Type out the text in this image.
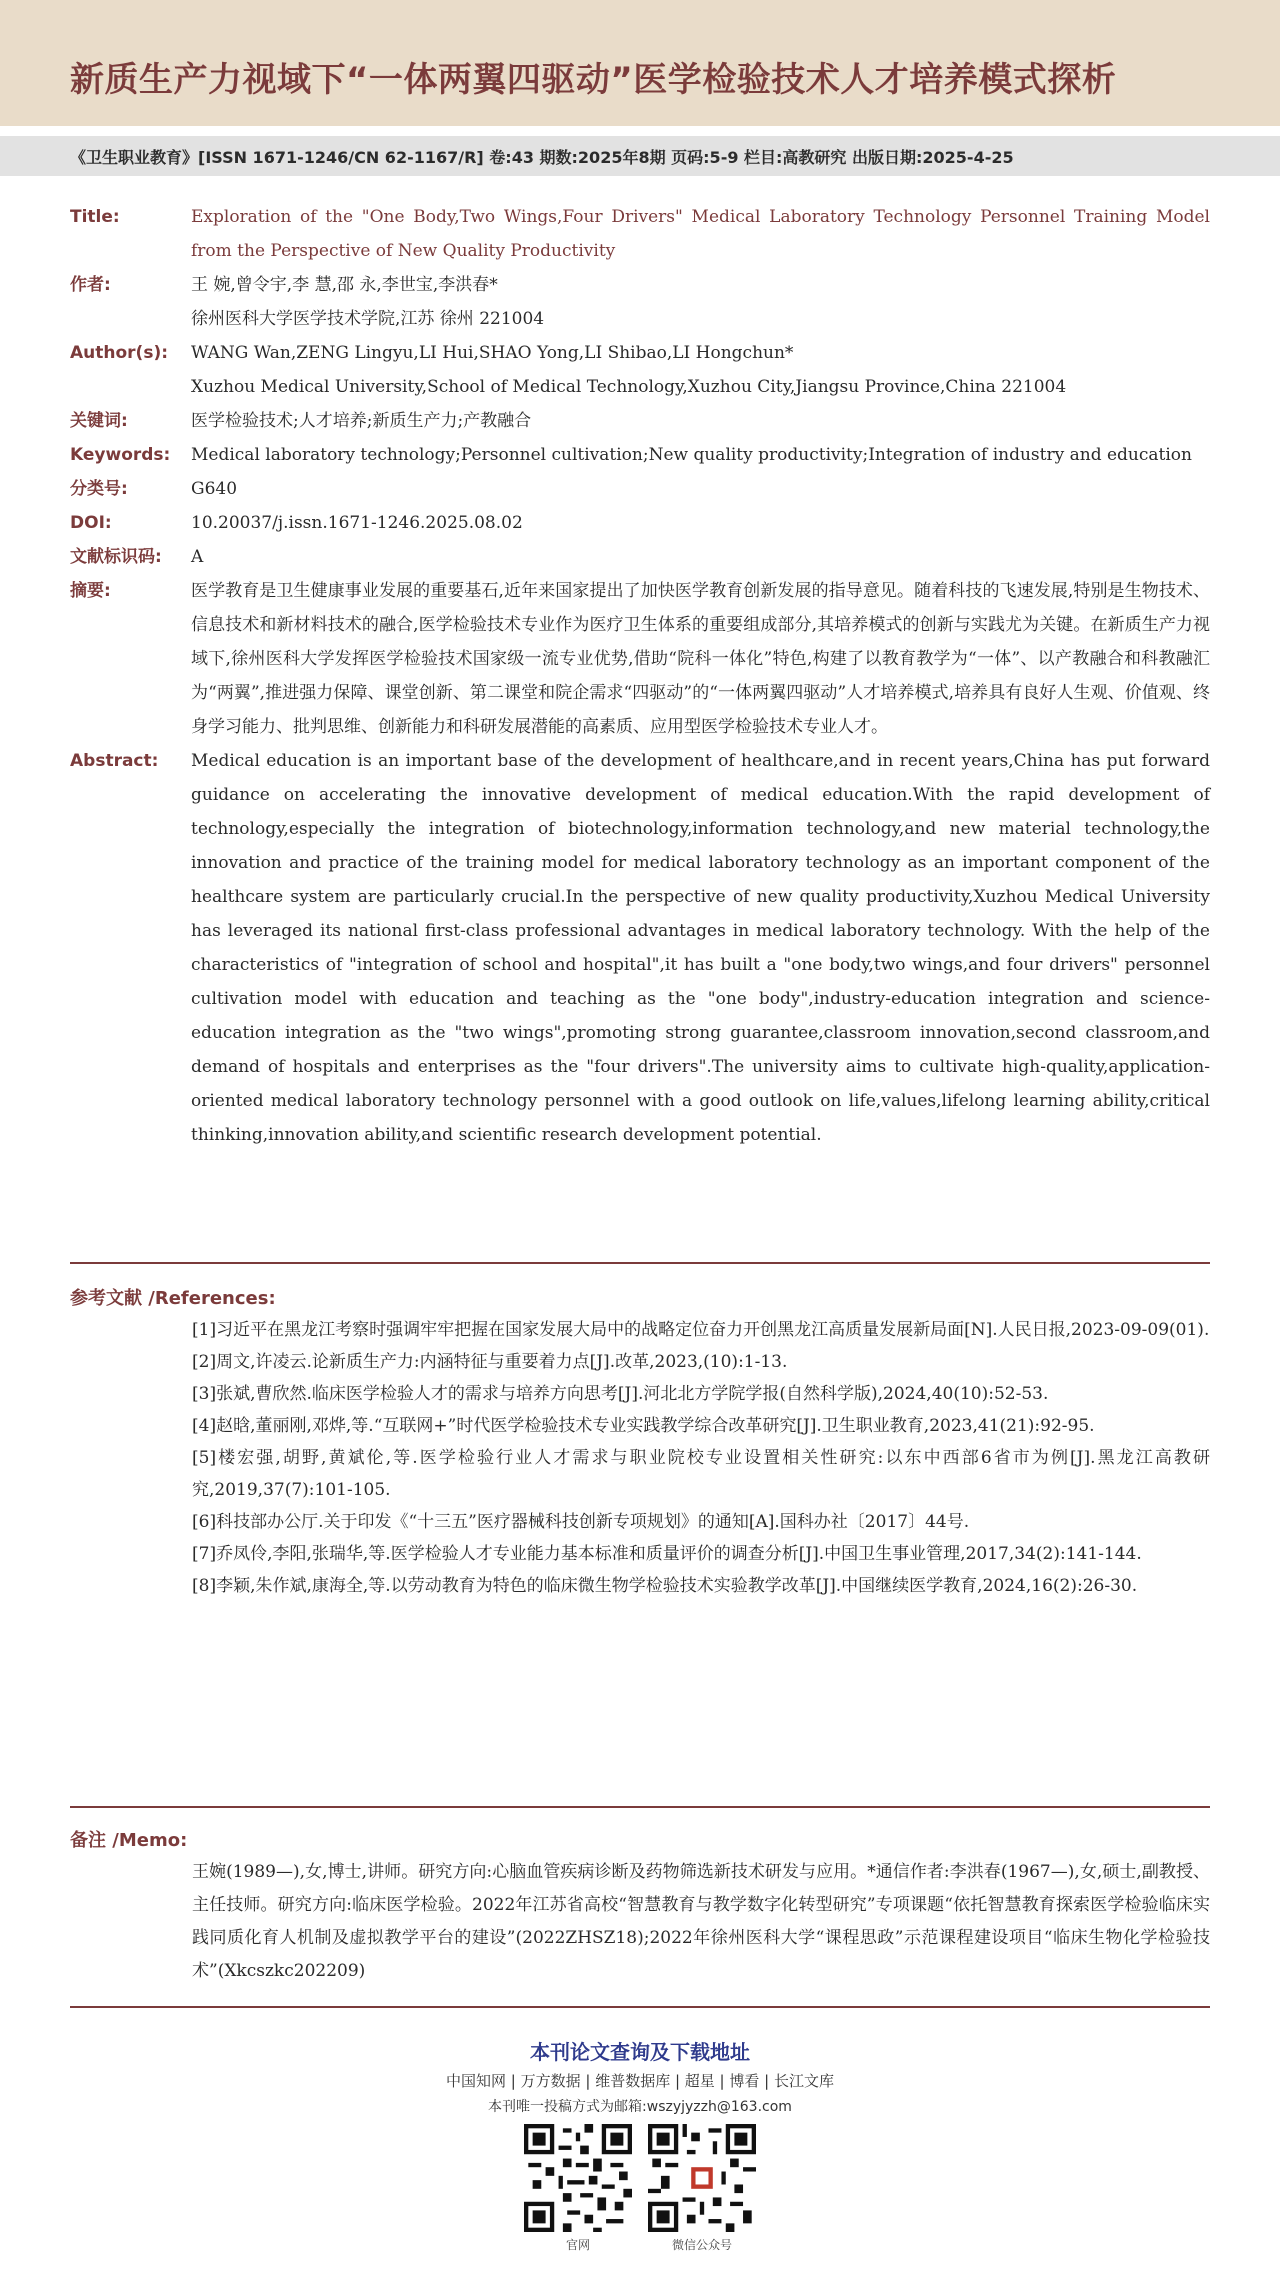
新质生产力视域下“一体两翼四驱动”医学检验技术人才培养模式探析
《卫生职业教育》[ISSN 1671-1246/CN 62-1167/R] 卷:43 期数:2025年8期 页码:5-9 栏目:高教研究 出版日期:2025-4-25
Title:	Exploration of the "One Body,Two Wings,Four Drivers" Medical Laboratory Technology Personnel Training Model from the Perspective of New Quality Productivity
作者:	王 婉,曾令宇,李 慧,邵 永,李世宝,李洪春*

徐州医科大学医学技术学院,江苏 徐州 221004

Author(s):	WANG Wan,ZENG Lingyu,LI Hui,SHAO Yong,LI Shibao,LI Hongchun*

Xuzhou Medical University,School of Medical Technology,Xuzhou City,Jiangsu Province,China 221004

关键词:	医学检验技术;人才培养;新质生产力;产教融合
Keywords:	Medical laboratory technology;Personnel cultivation;New quality productivity;Integration of industry and education
分类号:	G640
DOI:	10.20037/j.issn.1671-1246.2025.08.02
文献标识码:	A
摘要:	医学教育是卫生健康事业发展的重要基石,近年来国家提出了加快医学教育创新发展的指导意见。随着科技的飞速发展,特别是生物技术、信息技术和新材料技术的融合,医学检验技术专业作为医疗卫生体系的重要组成部分,其培养模式的创新与实践尤为关键。在新质生产力视域下,徐州医科大学发挥医学检验技术国家级一流专业优势,借助“院科一体化”特色,构建了以教育教学为“一体”、以产教融合和科教融汇为“两翼”,推进强力保障、课堂创新、第二课堂和院企需求“四驱动”的“一体两翼四驱动”人才培养模式,培养具有良好人生观、价值观、终身学习能力、批判思维、创新能力和科研发展潜能的高素质、应用型医学检验技术专业人才。
Abstract:	Medical education is an important base of the development of healthcare,and in recent years,China has put forward guidance on accelerating the innovative development of medical education.With the rapid development of technology,especially the integration of biotechnology,information technology,and new material technology,the innovation and practice of the training model for medical laboratory technology as an important component of the healthcare system are particularly crucial.In the perspective of new quality productivity,Xuzhou Medical University has leveraged its national first-class professional advantages in medical laboratory technology. With the help of the characteristics of "integration of school and hospital",it has built a "one body,two wings,and four drivers" personnel cultivation model with education and teaching as the "one body",industry-education integration and science-education integration as the "two wings",promoting strong guarantee,classroom innovation,second classroom,and demand of hospitals and enterprises as the "four drivers".The university aims to cultivate high-quality,application-oriented medical laboratory technology personnel with a good outlook on life,values,lifelong learning ability,critical thinking,innovation ability,and scientific research development potential.
参考文献 /References:

[1]习近平在黑龙江考察时强调牢牢把握在国家发展大局中的战略定位奋力开创黑龙江高质量发展新局面[N].人民日报,2023-09-09(01).

[2]周文,许凌云.论新质生产力:内涵特征与重要着力点[J].改革,2023,(10):1-13.

[3]张斌,曹欣然.临床医学检验人才的需求与培养方向思考[J].河北北方学院学报(自然科学版),2024,40(10):52-53.

[4]赵晗,董丽刚,邓烨,等.“互联网+”时代医学检验技术专业实践教学综合改革研究[J].卫生职业教育,2023,41(21):92-95.

[5]楼宏强,胡野,黄斌伦,等.医学检验行业人才需求与职业院校专业设置相关性研究:以东中西部6省市为例[J].黑龙江高教研究,2019,37(7):101-105.

[6]科技部办公厅.关于印发《“十三五”医疗器械科技创新专项规划》的通知[A].国科办社〔2017〕44号.

[7]乔凤伶,李阳,张瑞华,等.医学检验人才专业能力基本标准和质量评价的调查分析[J].中国卫生事业管理,2017,34(2):141-144.

[8]李颖,朱作斌,康海全,等.以劳动教育为特色的临床微生物学检验技术实验教学改革[J].中国继续医学教育,2024,16(2):26-30.

备注 /Memo:
王婉(1989—),女,博士,讲师。研究方向:心脑血管疾病诊断及药物筛选新技术研发与应用。*通信作者:李洪春(1967—),女,硕士,副教授、主任技师。研究方向:临床医学检验。2022年江苏省高校“智慧教育与教学数字化转型研究”专项课题“依托智慧教育探索医学检验临床实践同质化育人机制及虚拟教学平台的建设”(2022ZHSZ18);2022年徐州医科大学“课程思政”示范课程建设项目“临床生物化学检验技术”(Xkcszkc202209)
本刊论文查询及下载地址
中国知网 | 万方数据 | 维普数据库 | 超星 | 博看 | 长江文库
本刊唯一投稿方式为邮箱:wszyjyzzh@163.com
官网	微信公众号
